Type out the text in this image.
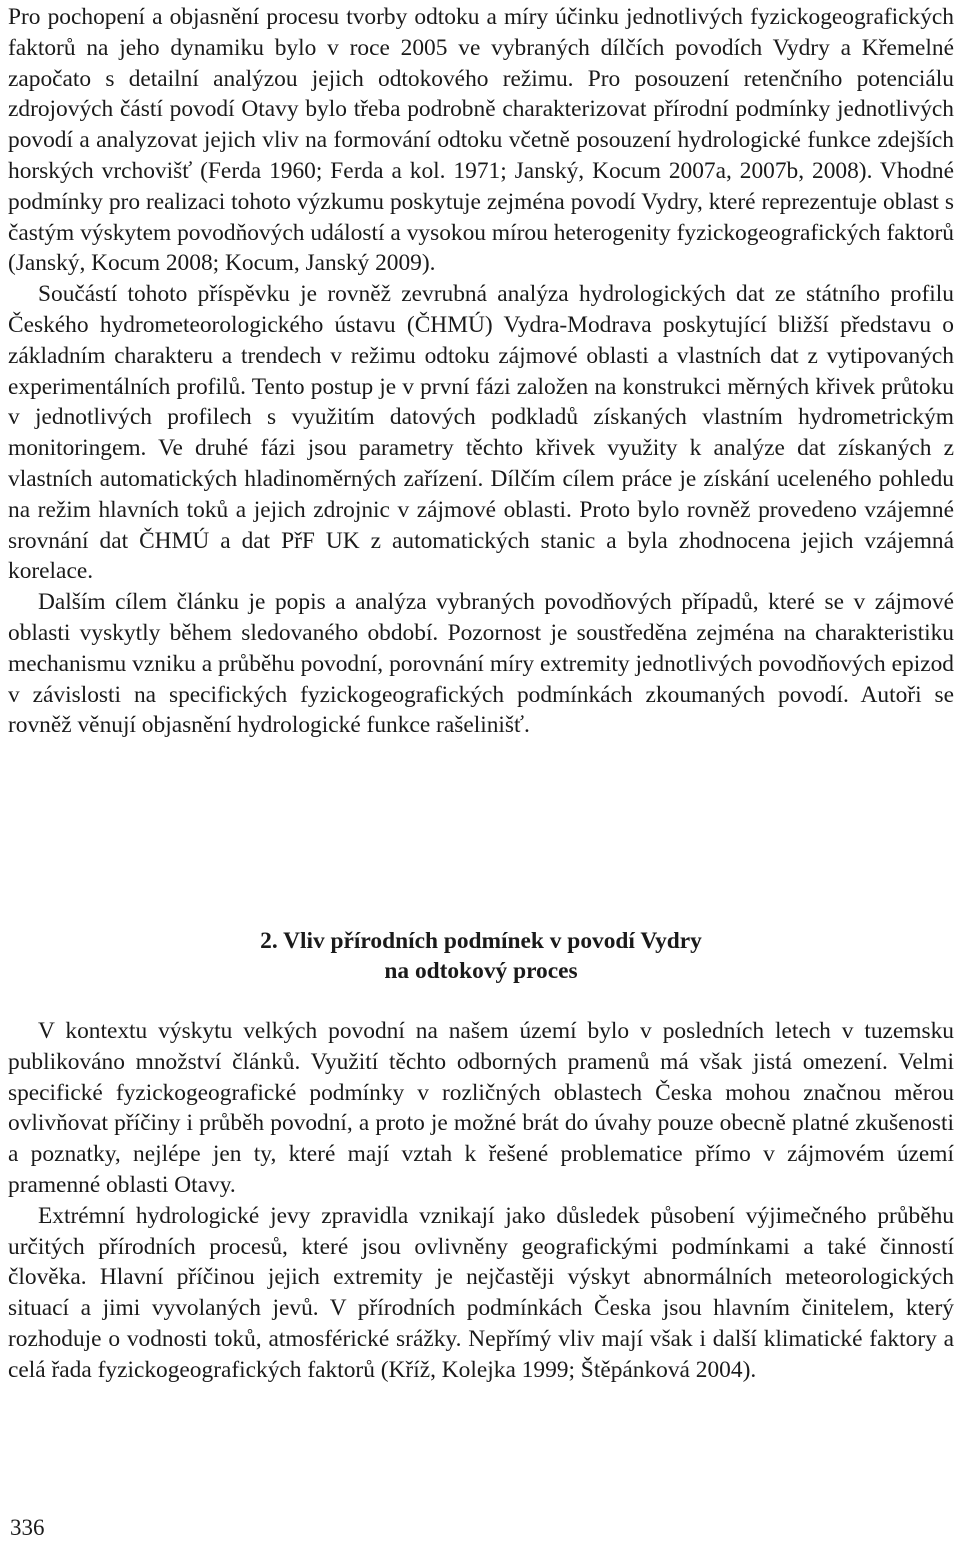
Pro pochopení a objasnění procesu tvorby odtoku a míry účinku jednotlivých fyzickogeografických faktorů na jeho dynamiku bylo v roce 2005 ve vybraných dílčích povodích Vydry a Křemelné započato s detailní analýzou jejich odtokového režimu. Pro posouzení retenčního potenciálu zdrojových částí povodí Otavy bylo třeba podrobně charakterizovat přírodní podmínky jednotlivých povodí a analyzovat jejich vliv na formování odtoku včetně posouzení hydrologické funkce zdejších horských vrchovišť (Ferda 1960; Ferda a kol. 1971; Janský, Kocum 2007a, 2007b, 2008). Vhodné podmínky pro realizaci tohoto výzkumu poskytuje zejména povodí Vydry, které reprezentuje oblast s častým výskytem povodňových událostí a vysokou mírou heterogenity fyzickogeografických faktorů (Janský, Kocum 2008; Kocum, Janský 2009).

Součástí tohoto příspěvku je rovněž zevrubná analýza hydrologických dat ze státního profilu Českého hydrometeorologického ústavu (ČHMÚ) Vydra-Modrava poskytující bližší představu o základním charakteru a trendech v režimu odtoku zájmové oblasti a vlastních dat z vytipovaných experimentálních profilů. Tento postup je v první fázi založen na konstrukci měrných křivek průtoku v jednotlivých profilech s využitím datových podkladů získaných vlastním hydrometrickým monitoringem. Ve druhé fázi jsou parametry těchto křivek využity k analýze dat získaných z vlastních automatických hladinoměrných zařízení. Dílčím cílem práce je získání uceleného pohledu na režim hlavních toků a jejich zdrojnic v zájmové oblasti. Proto bylo rovněž provedeno vzájemné srovnání dat ČHMÚ a dat PřF UK z automatických stanic a byla zhodnocena jejich vzájemná korelace.

Dalším cílem článku je popis a analýza vybraných povodňových případů, které se v zájmové oblasti vyskytly během sledovaného období. Pozornost je soustředěna zejména na charakteristiku mechanismu vzniku a průběhu povodní, porovnání míry extremity jednotlivých povodňových epizod v závislosti na specifických fyzickogeografických podmínkách zkoumaných povodí. Autoři se rovněž věnují objasnění hydrologické funkce rašelinišť.

2. Vliv přírodních podmínek v povodí Vydry
na odtokový proces

V kontextu výskytu velkých povodní na našem území bylo v posledních letech v tuzemsku publikováno množství článků. Využití těchto odborných pramenů má však jistá omezení. Velmi specifické fyzickogeografické podmínky v rozličných oblastech Česka mohou značnou měrou ovlivňovat příčiny i průběh povodní, a proto je možné brát do úvahy pouze obecně platné zkušenosti a poznatky, nejlépe jen ty, které mají vztah k řešené problematice přímo v zájmovém území pramenné oblasti Otavy.

Extrémní hydrologické jevy zpravidla vznikají jako důsledek působení výjimečného průběhu určitých přírodních procesů, které jsou ovlivněny geografickými podmínkami a také činností člověka. Hlavní příčinou jejich extremity je nejčastěji výskyt abnormálních meteorologických situací a jimi vyvolaných jevů. V přírodních podmínkách Česka jsou hlavním činitelem, který rozhoduje o vodnosti toků, atmosférické srážky. Nepřímý vliv mají však i další klimatické faktory a celá řada fyzickogeografických faktorů (Kříž, Kolejka 1999; Štěpánková 2004).

336
